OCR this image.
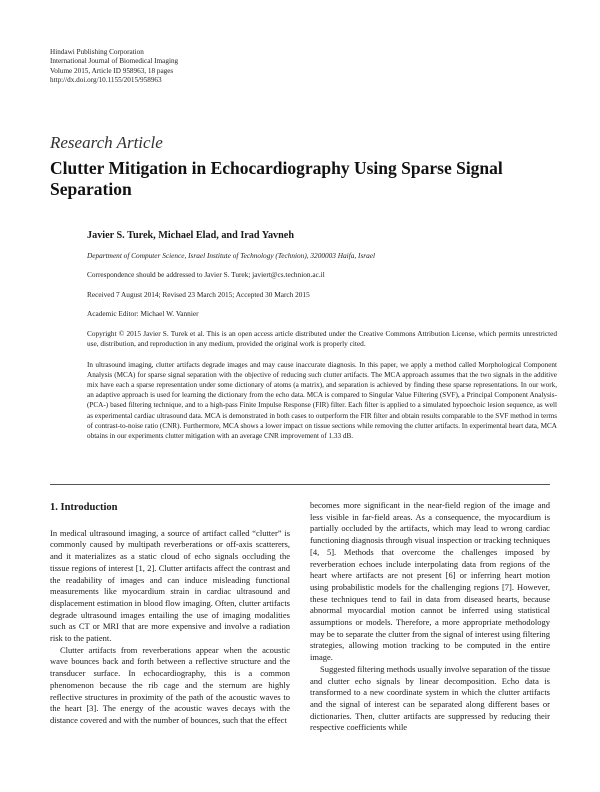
Hindawi Publishing Corporation
International Journal of Biomedical Imaging
Volume 2015, Article ID 958963, 18 pages
http://dx.doi.org/10.1155/2015/958963
Research Article
Clutter Mitigation in Echocardiography Using Sparse Signal Separation
Javier S. Turek, Michael Elad, and Irad Yavneh
Department of Computer Science, Israel Institute of Technology (Technion), 3200003 Haifa, Israel
Correspondence should be addressed to Javier S. Turek; javiert@cs.technion.ac.il
Received 7 August 2014; Revised 23 March 2015; Accepted 30 March 2015
Academic Editor: Michael W. Vannier
Copyright © 2015 Javier S. Turek et al. This is an open access article distributed under the Creative Commons Attribution License, which permits unrestricted use, distribution, and reproduction in any medium, provided the original work is properly cited.
In ultrasound imaging, clutter artifacts degrade images and may cause inaccurate diagnosis. In this paper, we apply a method called Morphological Component Analysis (MCA) for sparse signal separation with the objective of reducing such clutter artifacts. The MCA approach assumes that the two signals in the additive mix have each a sparse representation under some dictionary of atoms (a matrix), and separation is achieved by finding these sparse representations. In our work, an adaptive approach is used for learning the dictionary from the echo data. MCA is compared to Singular Value Filtering (SVF), a Principal Component Analysis- (PCA-) based filtering technique, and to a high-pass Finite Impulse Response (FIR) filter. Each filter is applied to a simulated hypoechoic lesion sequence, as well as experimental cardiac ultrasound data. MCA is demonstrated in both cases to outperform the FIR filter and obtain results comparable to the SVF method in terms of contrast-to-noise ratio (CNR). Furthermore, MCA shows a lower impact on tissue sections while removing the clutter artifacts. In experimental heart data, MCA obtains in our experiments clutter mitigation with an average CNR improvement of 1.33 dB.
1. Introduction

In medical ultrasound imaging, a source of artifact called “clutter” is commonly caused by multipath reverberations or off-axis scatterers, and it materializes as a static cloud of echo signals occluding the tissue regions of interest [1, 2]. Clutter artifacts affect the contrast and the readability of images and can induce misleading functional measurements like myocardium strain in cardiac ultrasound and displacement estimation in blood flow imaging. Often, clutter artifacts degrade ultrasound images entailing the use of imaging modalities such as CT or MRI that are more expensive and involve a radiation risk to the patient.

Clutter artifacts from reverberations appear when the acoustic wave bounces back and forth between a reflective structure and the transducer surface. In echocardiography, this is a common phenomenon because the rib cage and the sternum are highly reflective structures in proximity of the path of the acoustic waves to the heart [3]. The energy of the acoustic waves decays with the distance covered and with the number of bounces, such that the effect

becomes more significant in the near-field region of the image and less visible in far-field areas. As a consequence, the myocardium is partially occluded by the artifacts, which may lead to wrong cardiac functioning diagnosis through visual inspection or tracking techniques [4, 5]. Methods that overcome the challenges imposed by reverberation echoes include interpolating data from regions of the heart where artifacts are not present [6] or inferring heart motion using probabilistic models for the challenging regions [7]. However, these techniques tend to fail in data from diseased hearts, because abnormal myocardial motion cannot be inferred using statistical assumptions or models. Therefore, a more appropriate methodology may be to separate the clutter from the signal of interest using filtering strategies, allowing motion tracking to be computed in the entire image.

Suggested filtering methods usually involve separation of the tissue and clutter echo signals by linear decomposition. Echo data is transformed to a new coordinate system in which the clutter artifacts and the signal of interest can be separated along different bases or dictionaries. Then, clutter artifacts are suppressed by reducing their respective coefficients while
